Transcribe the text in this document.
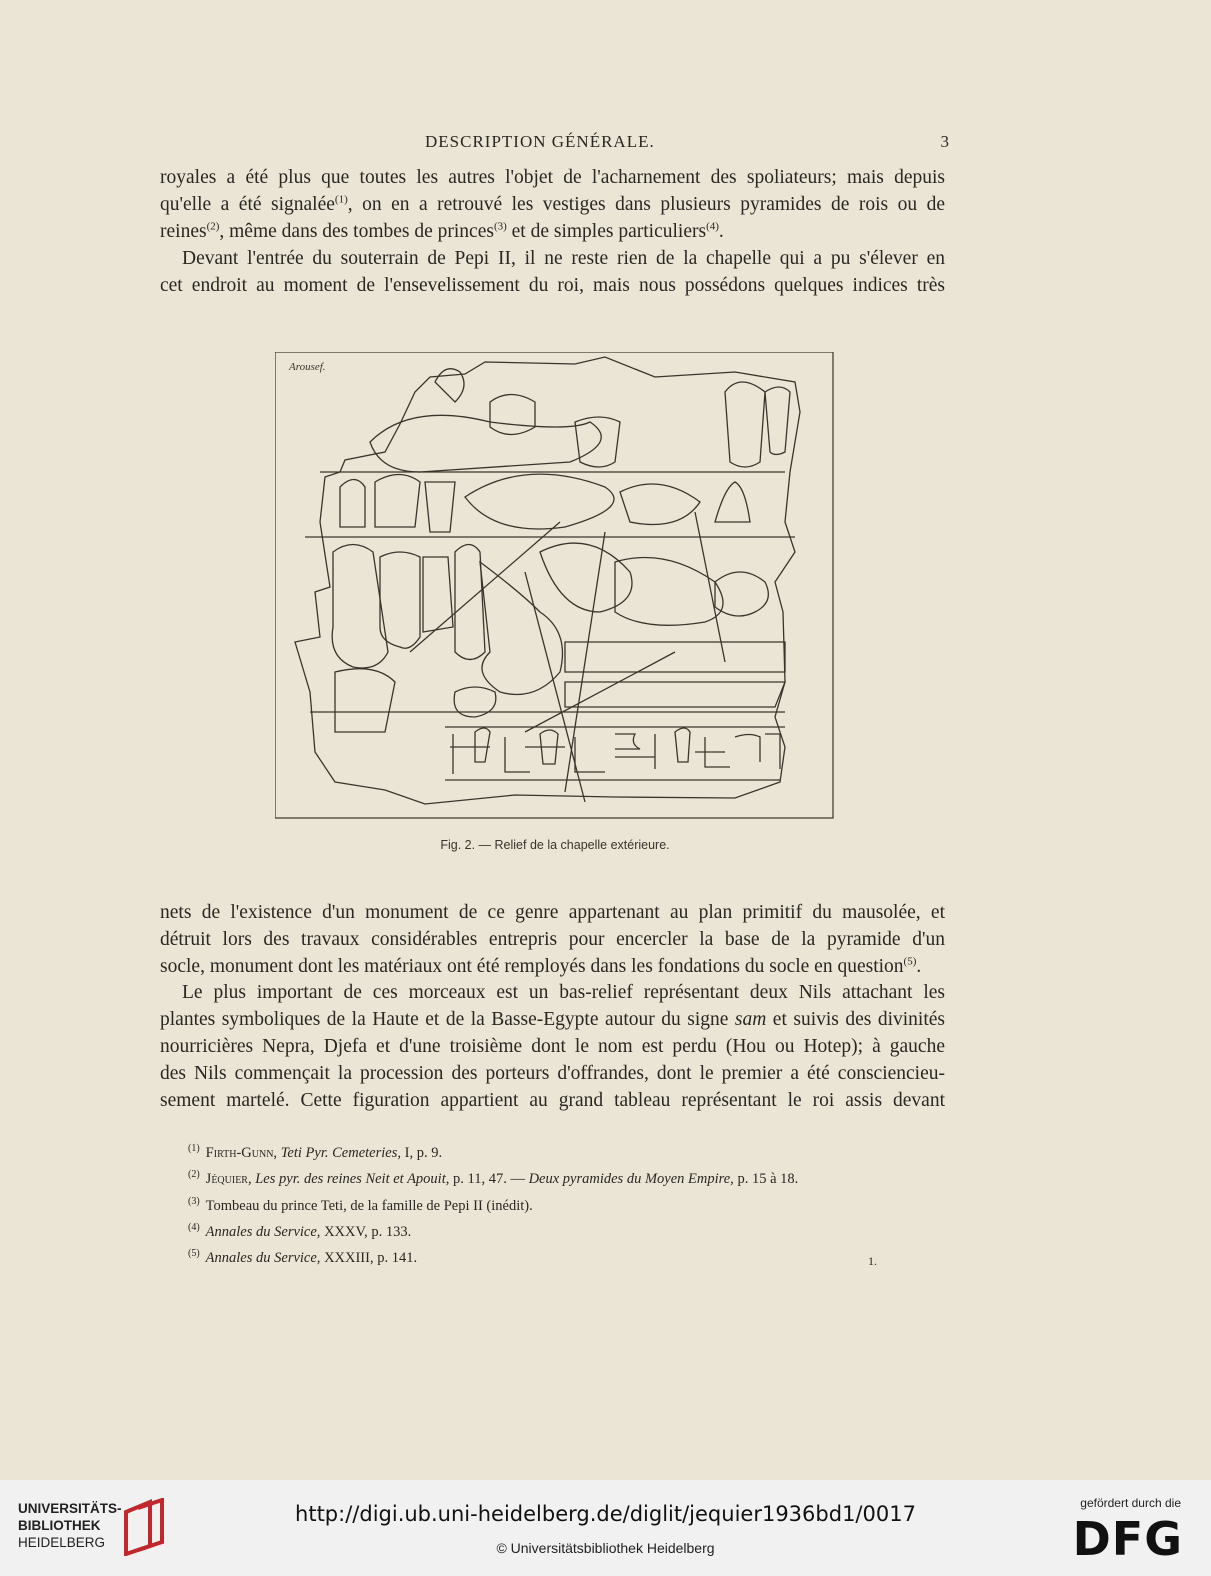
DESCRIPTION GÉNÉRALE.	3
royales a été plus que toutes les autres l'objet de l'acharnement des spoliateurs; mais depuis
qu'elle a été signalée$^{(1)}$, on en a retrouvé les vestiges dans plusieurs pyramides de rois ou de
reines$^{(2)}$, même dans des tombes de princes$^{(3)}$ et de simples particuliers$^{(4)}$.
Devant l'entrée du souterrain de Pepi II, il ne reste rien de la chapelle qui a pu s'élever en
cet endroit au moment de l'ensevelissement du roi, mais nous possédons quelques indices très
Arousef.
Fig. 2. — Relief de la chapelle extérieure.
nets de l'existence d'un monument de ce genre appartenant au plan primitif du mausolée, et
détruit lors des travaux considérables entrepris pour encercler la base de la pyramide d'un
socle, monument dont les matériaux ont été remployés dans les fondations du socle en question$^{(5)}$.
Le plus important de ces morceaux est un bas-relief représentant deux Nils attachant les
plantes symboliques de la Haute et de la Basse-Egypte autour du signe sam et suivis des divinités
nourricières Nepra, Djefa et d'une troisième dont le nom est perdu (Hou ou Hotep); à gauche
des Nils commençait la procession des porteurs d'offrandes, dont le premier a été consciencieu-
sement martelé. Cette figuration appartient au grand tableau représentant le roi assis devant
$^{(1)}$ Firth-Gunn, Teti Pyr. Cemeteries, I, p. 9.
$^{(2)}$ Jéquier, Les pyr. des reines Neit et Apouit, p. 11, 47. — Deux pyramides du Moyen Empire, p. 15 à 18.
$^{(3)}$ Tombeau du prince Teti, de la famille de Pepi II (inédit).
$^{(4)}$ Annales du Service, XXXV, p. 133.
$^{(5)}$ Annales du Service, XXXIII, p. 141.	1.
UNIVERSITÄTS-
BIBLIOTHEK
HEIDELBERG
http://digi.ub.uni-heidelberg.de/diglit/jequier1936bd1/0017
© Universitätsbibliothek Heidelberg
gefördert durch die
DFG
